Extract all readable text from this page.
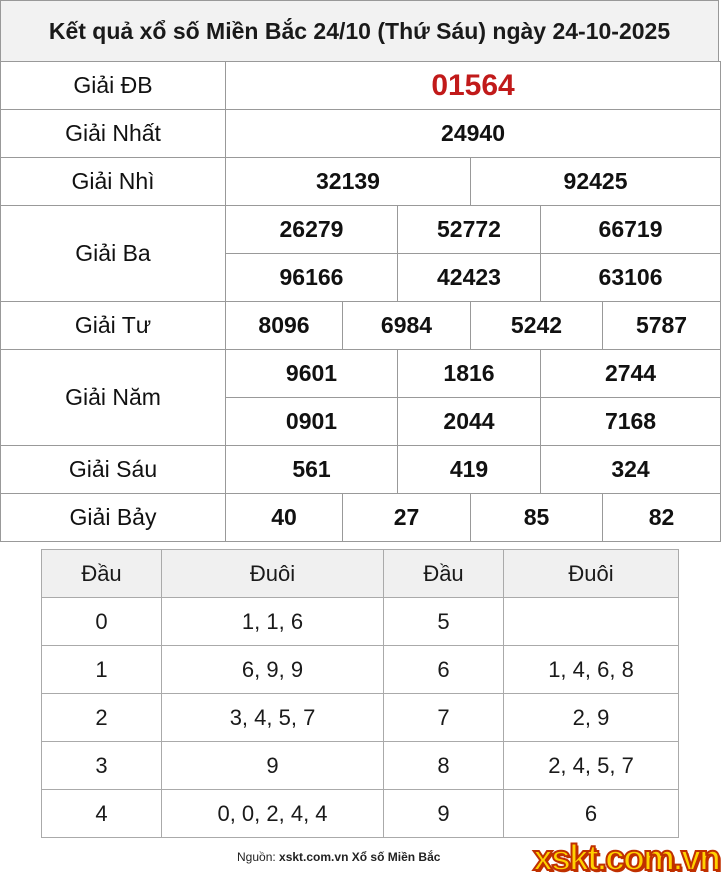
Kết quả xổ số Miền Bắc 24/10 (Thứ Sáu) ngày 24-10-2025
Giải ĐB	01564					
Giải Nhất	24940					
Giải Nhì	32139			92425		
Giải Ba	26279		52772		66719	
	96166		42423		63106	
Giải Tư	8096	6984		5242		5787
Giải Năm	9601		1816		2744	
	0901		2044		7168	
Giải Sáu	561		419		324	
Giải Bảy	40	27		85		82
Đầu	Đuôi	Đầu	Đuôi
0	1, 1, 6	5	
1	6, 9, 9	6	1, 4, 6, 8
2	3, 4, 5, 7	7	2, 9
3	9	8	2, 4, 5, 7
4	0, 0, 2, 4, 4	9	6
Nguồn: xskt.com.vn Xổ số Miền Bắc	xskt.com.vn
